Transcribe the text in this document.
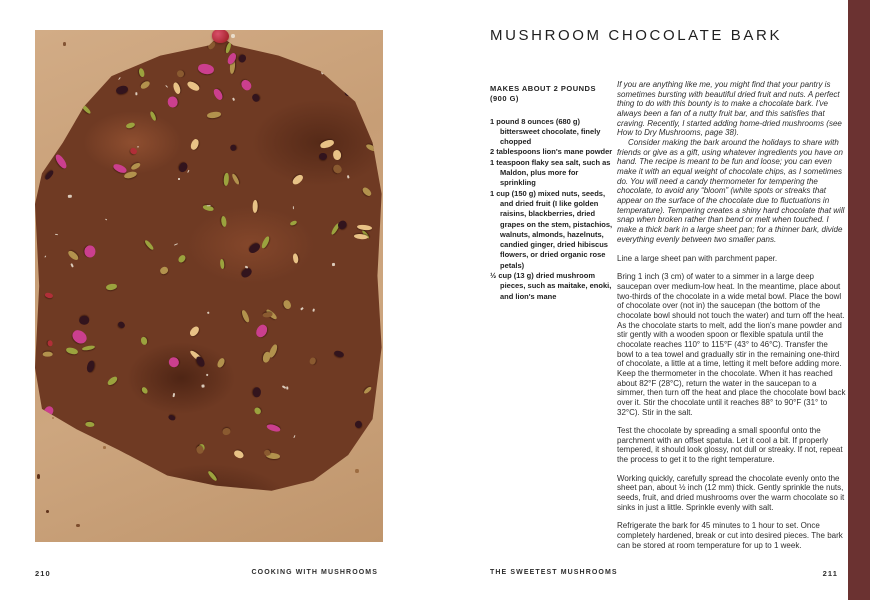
210	COOKING WITH MUSHROOMS
MUSHROOM CHOCOLATE BARK
MAKES ABOUT 2 POUNDS
(900 G)
1 pound 8 ounces (680 g) bittersweet chocolate, finely chopped
2 tablespoons lion's mane powder
1 teaspoon flaky sea salt, such as Maldon, plus more for sprinkling
1 cup (150 g) mixed nuts, seeds, and dried fruit (I like golden raisins, blackberries, dried grapes on the stem, pistachios, walnuts, almonds, hazelnuts, candied ginger, dried hibiscus flowers, or dried organic rose petals)
½ cup (13 g) dried mushroom pieces, such as maitake, enoki, and lion's mane

If you are anything like me, you might find that your pantry is sometimes bursting with beautiful dried fruit and nuts. A perfect thing to do with this bounty is to make a chocolate bark. I've always been a fan of a nutty fruit bar, and this satisfies that craving. Recently, I started adding home-dried mushrooms (see How to Dry Mushrooms, page 38).

Consider making the bark around the holidays to share with friends or give as a gift, using whatever ingredients you have on hand. The recipe is meant to be fun and loose; you can even make it with an equal weight of chocolate chips, as I sometimes do. You will need a candy thermometer for tempering the chocolate, to avoid any “bloom” (white spots or streaks that appear on the surface of the chocolate due to fluctuations in temperature). Tempering creates a shiny hard chocolate that will snap when broken rather than bend or melt when touched. I make a thick bark in a large sheet pan; for a thinner bark, divide everything evenly between two smaller pans.

Line a large sheet pan with parchment paper.

Bring 1 inch (3 cm) of water to a simmer in a large deep saucepan over medium-low heat. In the meantime, place about two-thirds of the chocolate in a wide metal bowl. Place the bowl of chocolate over (not in) the saucepan (the bottom of the chocolate bowl should not touch the water) and turn off the heat. As the chocolate starts to melt, add the lion's mane powder and stir gently with a wooden spoon or flexible spatula until the chocolate reaches 110° to 115°F (43° to 46°C). Transfer the bowl to a tea towel and gradually stir in the remaining one-third of chocolate, a little at a time, letting it melt before adding more. Keep the thermometer in the chocolate. When it has reached about 82°F (28°C), return the water in the saucepan to a simmer, then turn off the heat and place the chocolate bowl back over it. Stir the chocolate until it reaches 88° to 90°F (31° to 32°C). Stir in the salt.

Test the chocolate by spreading a small spoonful onto the parchment with an offset spatula. Let it cool a bit. If properly tempered, it should look glossy, not dull or streaky. If not, repeat the process to get it to the right temperature.

Working quickly, carefully spread the chocolate evenly onto the sheet pan, about ½ inch (12 mm) thick. Gently sprinkle the nuts, seeds, fruit, and dried mushrooms over the warm chocolate so it sinks in just a little. Sprinkle evenly with salt.

Refrigerate the bark for 45 minutes to 1 hour to set. Once completely hardened, break or cut into desired pieces. The bark can be stored at room temperature for up to 1 week.

THE SWEETEST MUSHROOMS	211
